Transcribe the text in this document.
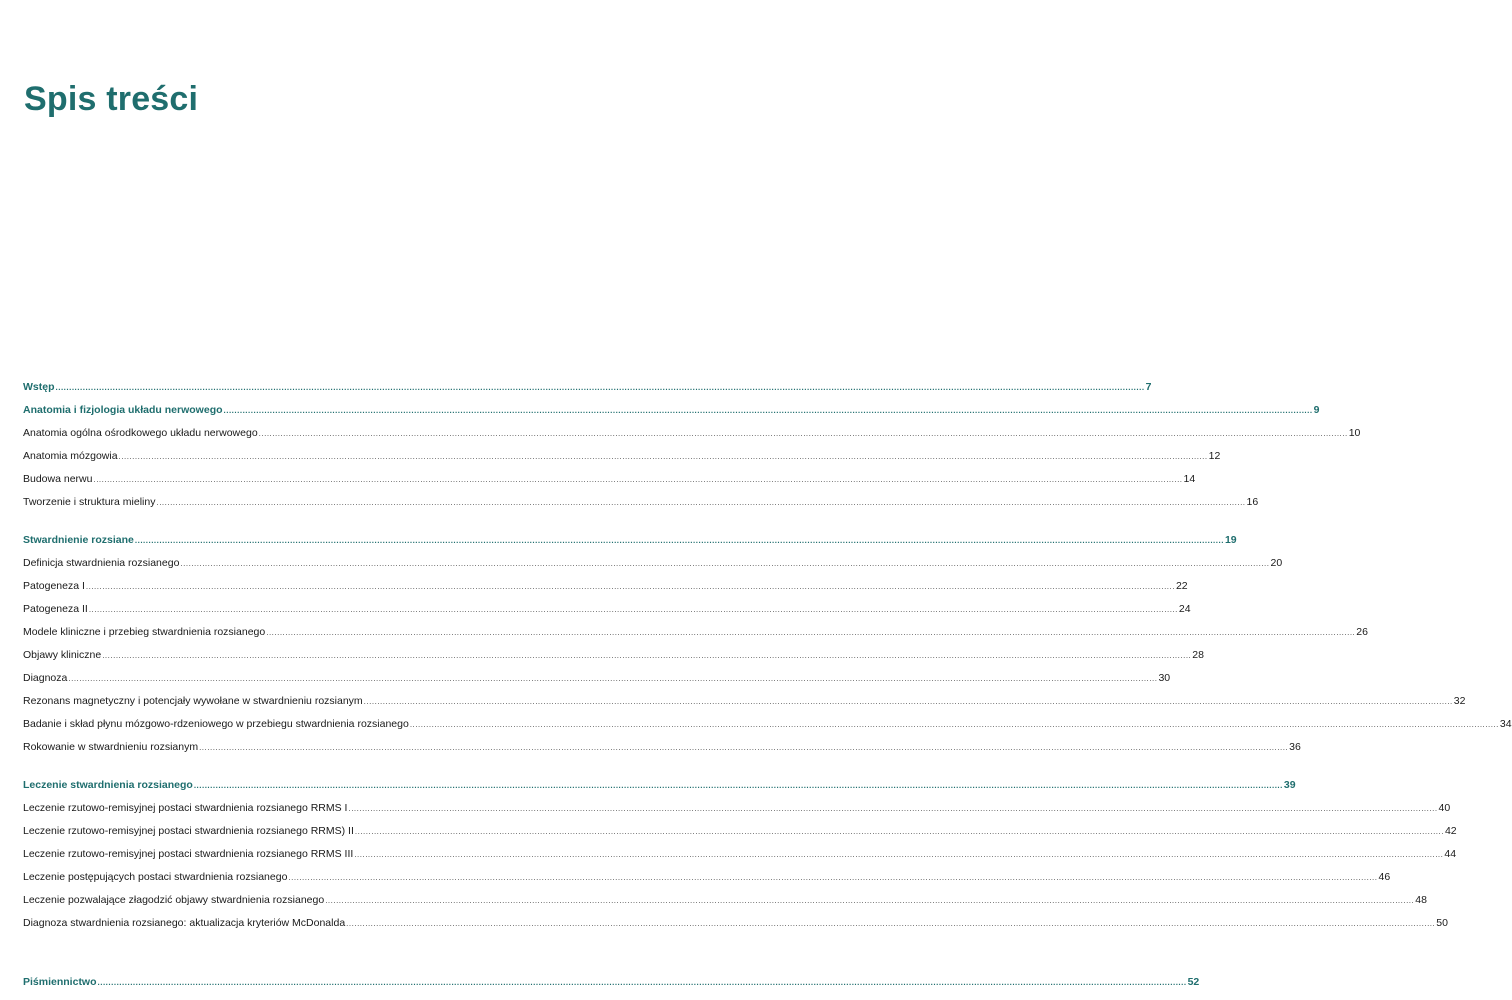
Spis treści
Wstęp ................................................................................................................................................................................................................................................................................................................................................................................................................ 7
Anatomia i fizjologia układu nerwowego ................................................................................................................................................................................................................................................................................................................................................................................................................ 9
Anatomia ogólna ośrodkowego układu nerwowego ................................................................................................................................................................................................................................................................................................................................................................................................................ 10
Anatomia mózgowia ................................................................................................................................................................................................................................................................................................................................................................................................................ 12
Budowa nerwu ................................................................................................................................................................................................................................................................................................................................................................................................................ 14
Tworzenie i struktura mieliny ................................................................................................................................................................................................................................................................................................................................................................................................................ 16
Stwardnienie rozsiane ................................................................................................................................................................................................................................................................................................................................................................................................................ 19
Definicja stwardnienia rozsianego ................................................................................................................................................................................................................................................................................................................................................................................................................ 20
Patogeneza I ................................................................................................................................................................................................................................................................................................................................................................................................................ 22
Patogeneza II ................................................................................................................................................................................................................................................................................................................................................................................................................ 24
Modele kliniczne i przebieg stwardnienia rozsianego ................................................................................................................................................................................................................................................................................................................................................................................................................ 26
Objawy kliniczne ................................................................................................................................................................................................................................................................................................................................................................................................................ 28
Diagnoza ................................................................................................................................................................................................................................................................................................................................................................................................................ 30
Rezonans magnetyczny i potencjały wywołane w stwardnieniu rozsianym ................................................................................................................................................................................................................................................................................................................................................................................................................ 32
Badanie i skład płynu mózgowo-rdzeniowego w przebiegu stwardnienia rozsianego ................................................................................................................................................................................................................................................................................................................................................................................................................ 34
Rokowanie w stwardnieniu rozsianym ................................................................................................................................................................................................................................................................................................................................................................................................................ 36
Leczenie stwardnienia rozsianego ................................................................................................................................................................................................................................................................................................................................................................................................................ 39
Leczenie rzutowo-remisyjnej postaci stwardnienia rozsianego RRMS I ................................................................................................................................................................................................................................................................................................................................................................................................................ 40
Leczenie rzutowo-remisyjnej postaci stwardnienia rozsianego RRMS) II ................................................................................................................................................................................................................................................................................................................................................................................................................ 42
Leczenie rzutowo-remisyjnej postaci stwardnienia rozsianego RRMS III ................................................................................................................................................................................................................................................................................................................................................................................................................ 44
Leczenie postępujących postaci stwardnienia rozsianego ................................................................................................................................................................................................................................................................................................................................................................................................................ 46
Leczenie pozwalające złagodzić objawy stwardnienia rozsianego ................................................................................................................................................................................................................................................................................................................................................................................................................ 48
Diagnoza stwardnienia rozsianego: aktualizacja kryteriów McDonalda ................................................................................................................................................................................................................................................................................................................................................................................................................ 50
Piśmiennictwo ................................................................................................................................................................................................................................................................................................................................................................................................................ 52
